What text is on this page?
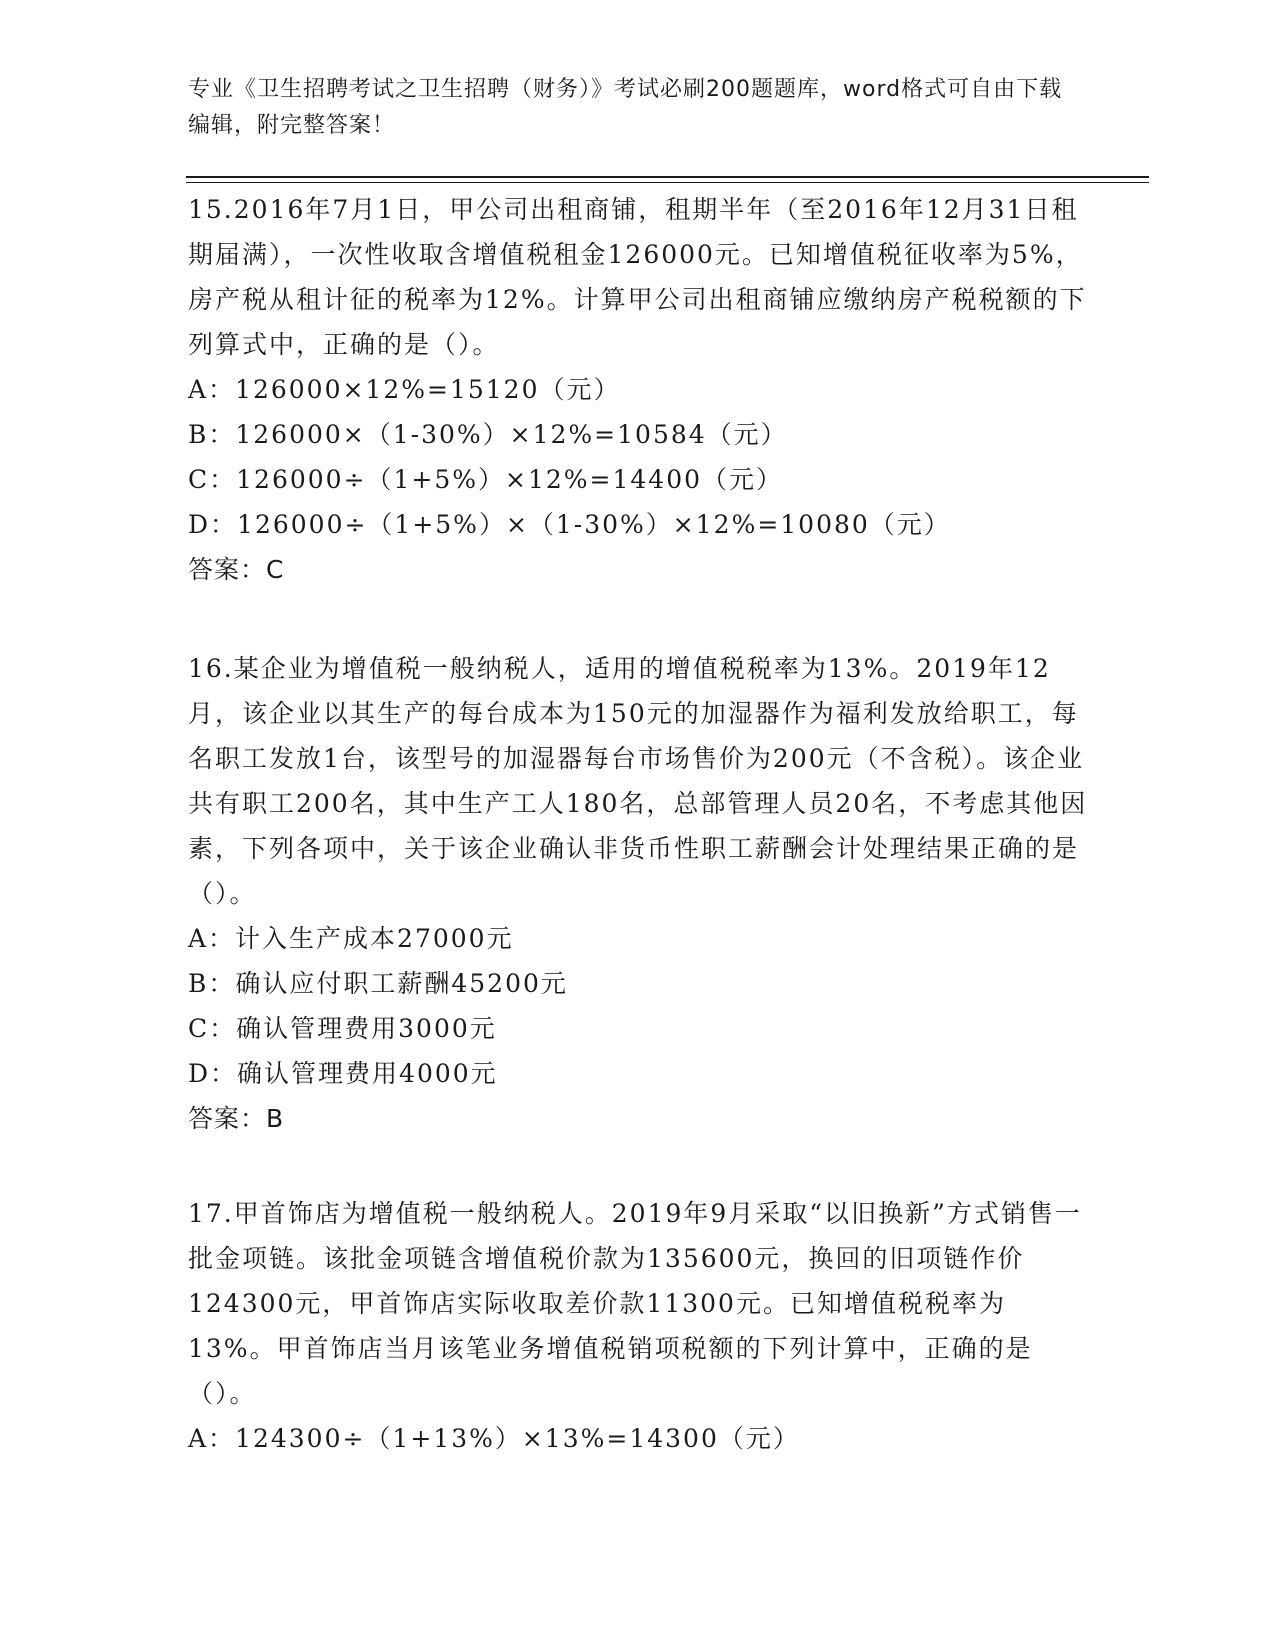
专业《卫生招聘考试之卫生招聘（财务）》考试必刷200题题库，word格式可自由下载编辑，附完整答案！

15.2016年7月1日，甲公司出租商铺，租期半年（至2016年12月31日租期届满），一次性收取含增值税租金126000元。已知增值税征收率为5%，房产税从租计征的税率为12%。计算甲公司出租商铺应缴纳房产税税额的下列算式中，正确的是（）。

A：126000×12%=15120（元）

B：126000×（1-30%）×12%=10584（元）

C：126000÷（1+5%）×12%=14400（元）

D：126000÷（1+5%）×（1-30%）×12%=10080（元）

答案：C

16.某企业为增值税一般纳税人，适用的增值税税率为13%。2019年12月，该企业以其生产的每台成本为150元的加湿器作为福利发放给职工，每名职工发放1台，该型号的加湿器每台市场售价为200元（不含税）。该企业共有职工200名，其中生产工人180名，总部管理人员20名，不考虑其他因素，下列各项中，关于该企业确认非货币性职工薪酬会计处理结果正确的是（）。

A：计入生产成本27000元

B：确认应付职工薪酬45200元

C：确认管理费用3000元

D：确认管理费用4000元

答案：B

17.甲首饰店为增值税一般纳税人。2019年9月采取“以旧换新”方式销售一批金项链。该批金项链含增值税价款为135600元，换回的旧项链作价124300元，甲首饰店实际收取差价款11300元。已知增值税税率为13%。甲首饰店当月该笔业务增值税销项税额的下列计算中，正确的是（）。

A：124300÷（1+13%）×13%=14300（元）
